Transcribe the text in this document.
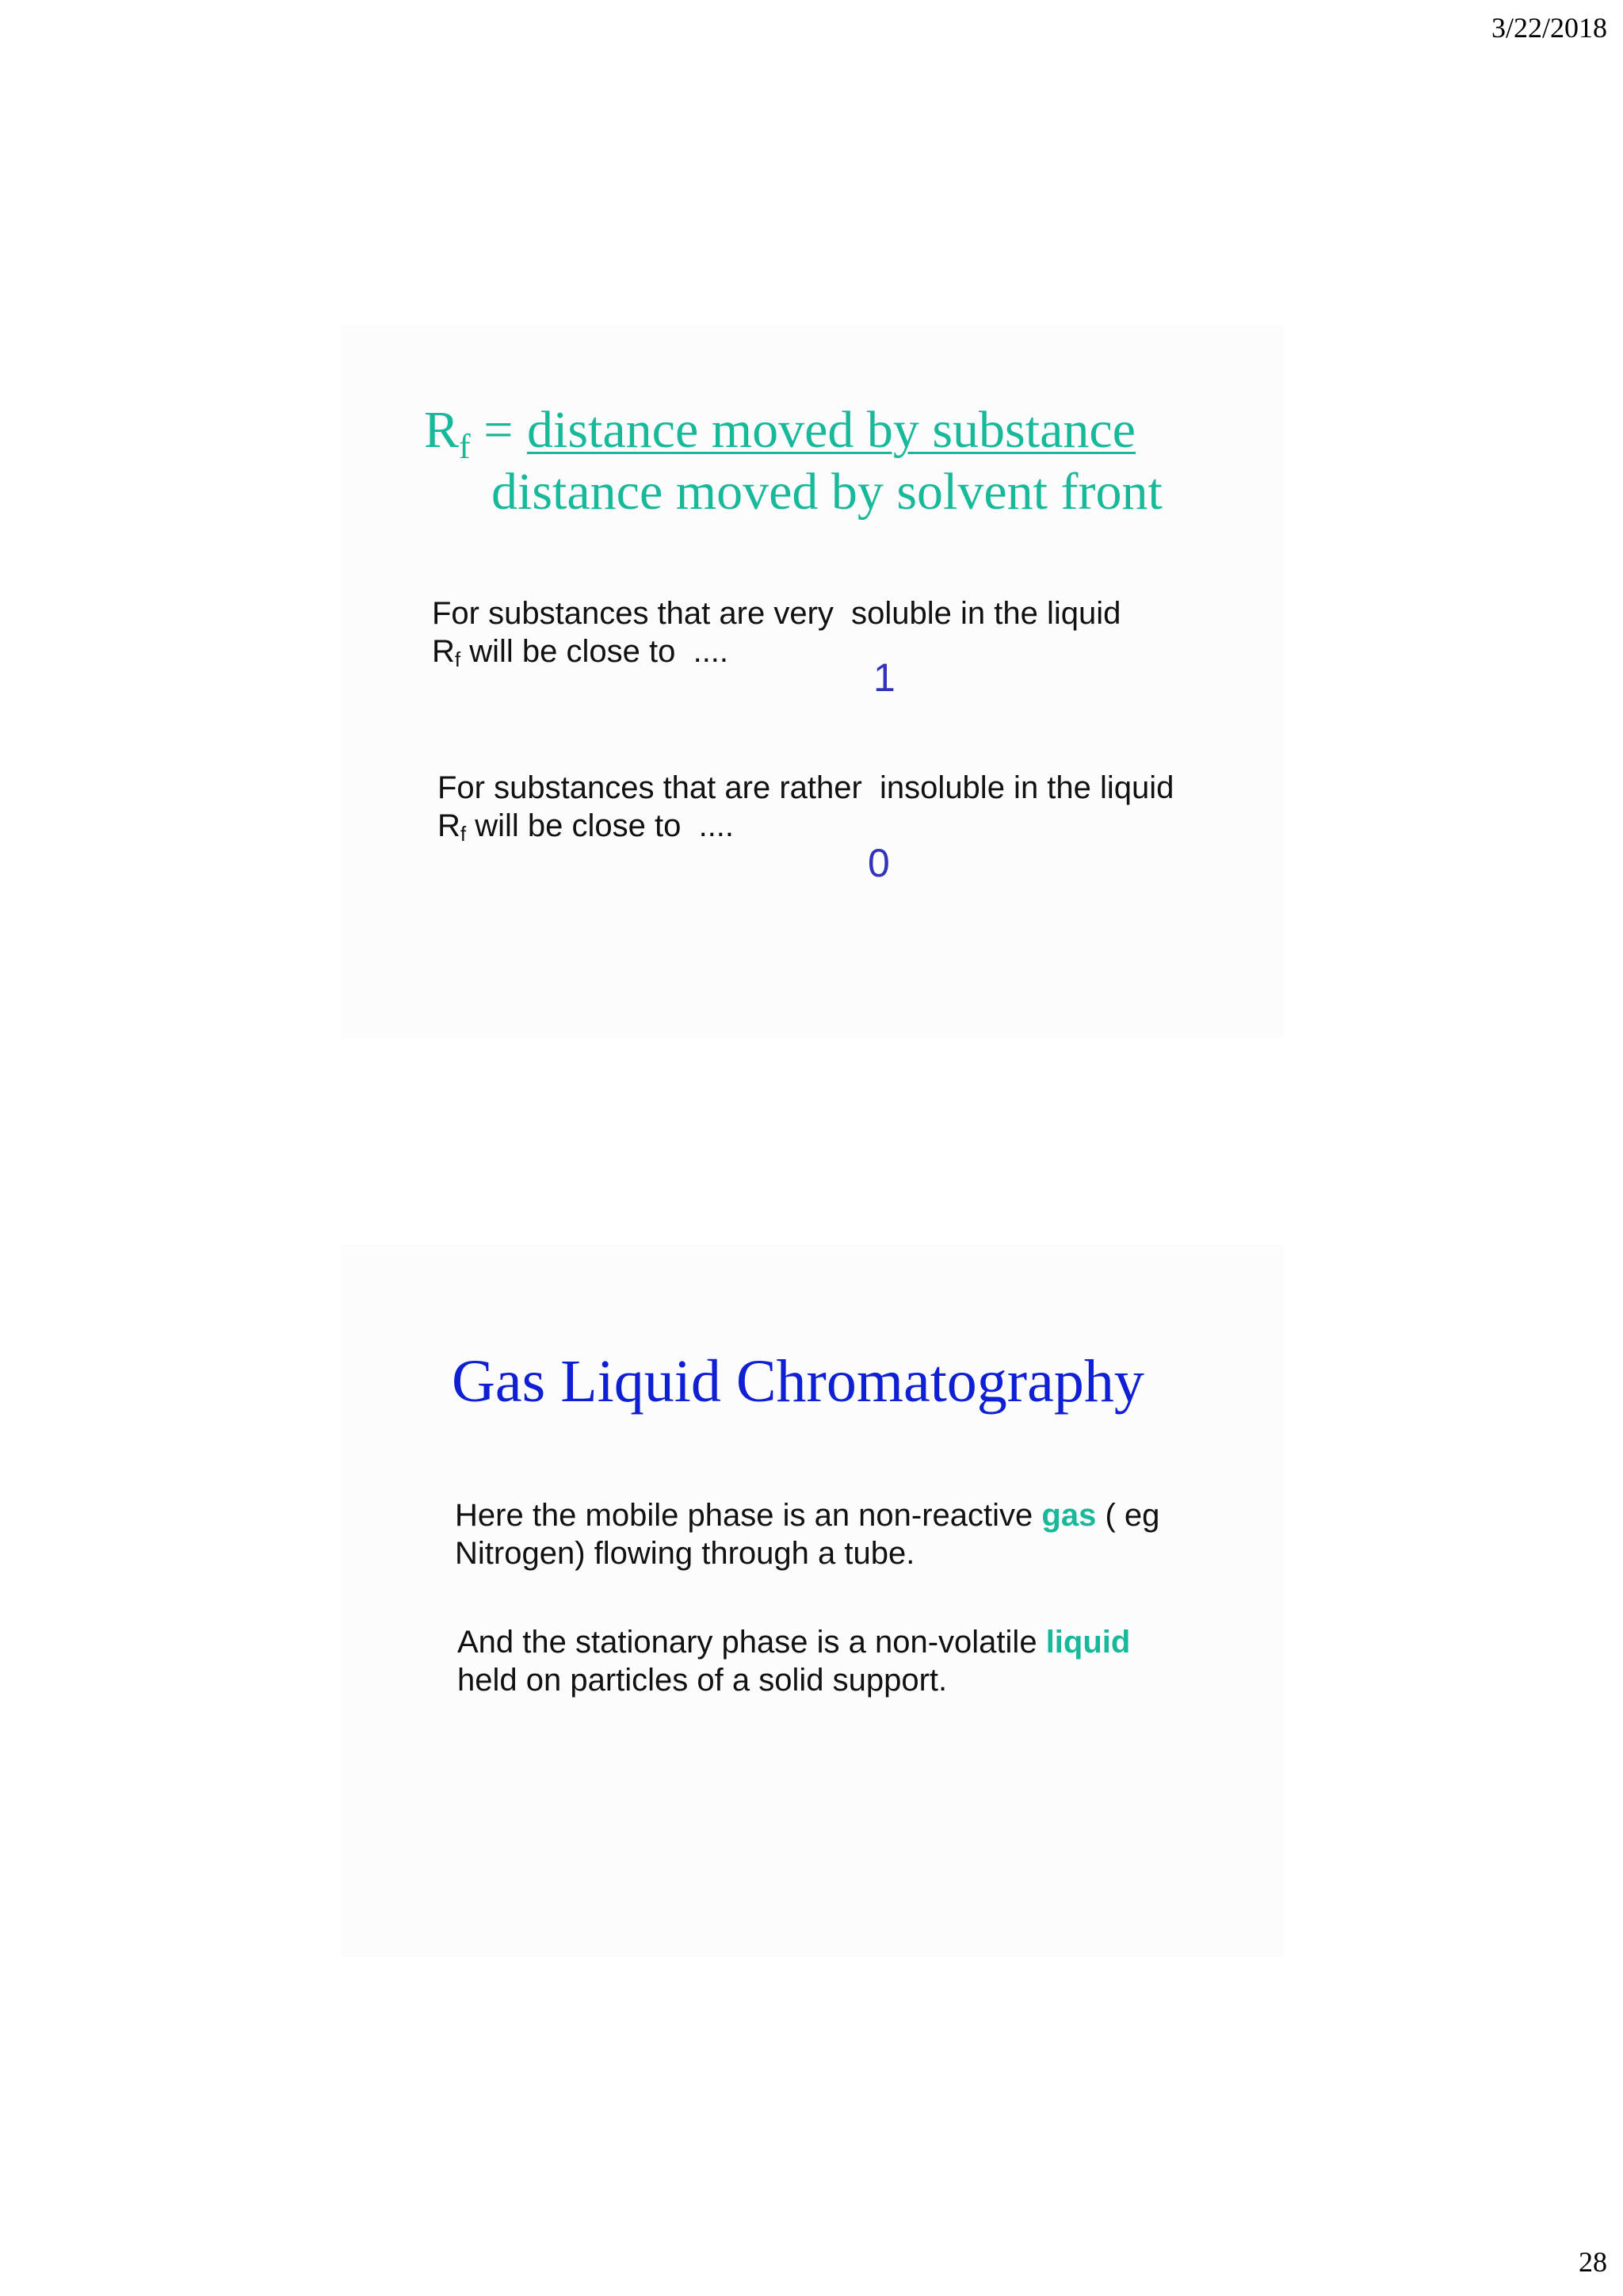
3/22/2018
$R_f$ = distance moved by substance
distance moved by solvent front
For substances that are very  soluble in the liquid
$R_f$ will be close to  ....
1
For substances that are rather  insoluble in the liquid
$R_f$ will be close to  ....
0
Gas Liquid Chromatography
Here the mobile phase is an non-reactive gas ( eg
Nitrogen) flowing through a tube.
And the stationary phase is a non-volatile liquid
held on particles of a solid support.
28
